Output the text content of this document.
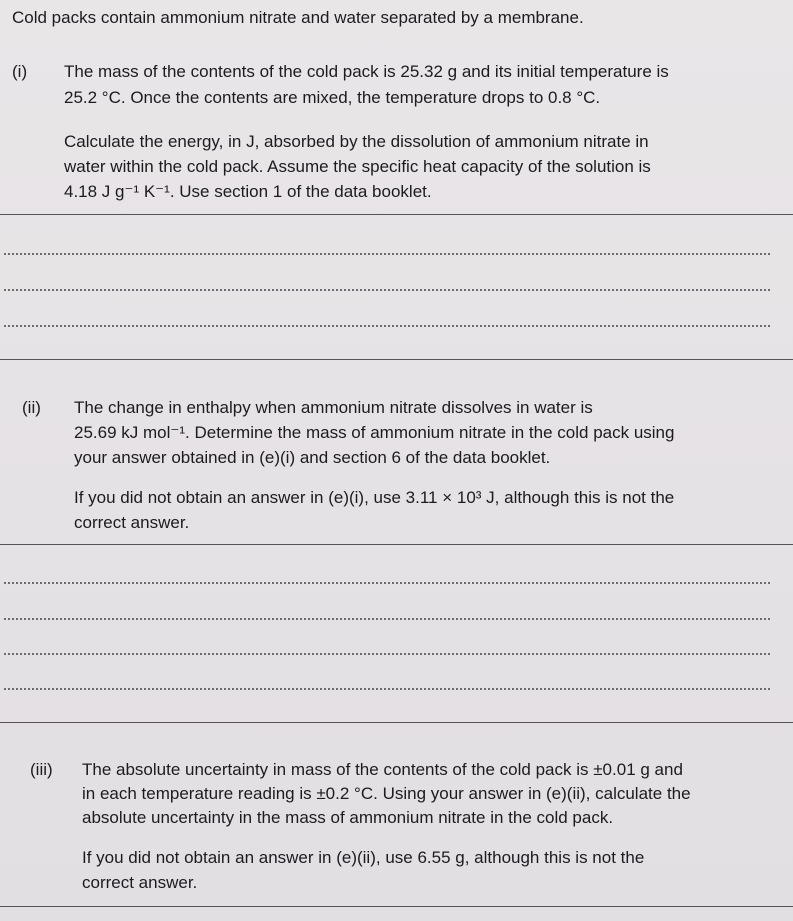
Cold packs contain ammonium nitrate and water separated by a membrane.
(i) The mass of the contents of the cold pack is 25.32 g and its initial temperature is
25.2 °C. Once the contents are mixed, the temperature drops to 0.8 °C.
Calculate the energy, in J, absorbed by the dissolution of ammonium nitrate in
water within the cold pack. Assume the specific heat capacity of the solution is
4.18 J g⁻¹ K⁻¹. Use section 1 of the data booklet.
(ii) The change in enthalpy when ammonium nitrate dissolves in water is
25.69 kJ mol⁻¹. Determine the mass of ammonium nitrate in the cold pack using
your answer obtained in (e)(i) and section 6 of the data booklet.
If you did not obtain an answer in (e)(i), use 3.11 × 10³ J, although this is not the
correct answer.
(iii) The absolute uncertainty in mass of the contents of the cold pack is ±0.01 g and
in each temperature reading is ±0.2 °C. Using your answer in (e)(ii), calculate the
absolute uncertainty in the mass of ammonium nitrate in the cold pack.
If you did not obtain an answer in (e)(ii), use 6.55 g, although this is not the
correct answer.
